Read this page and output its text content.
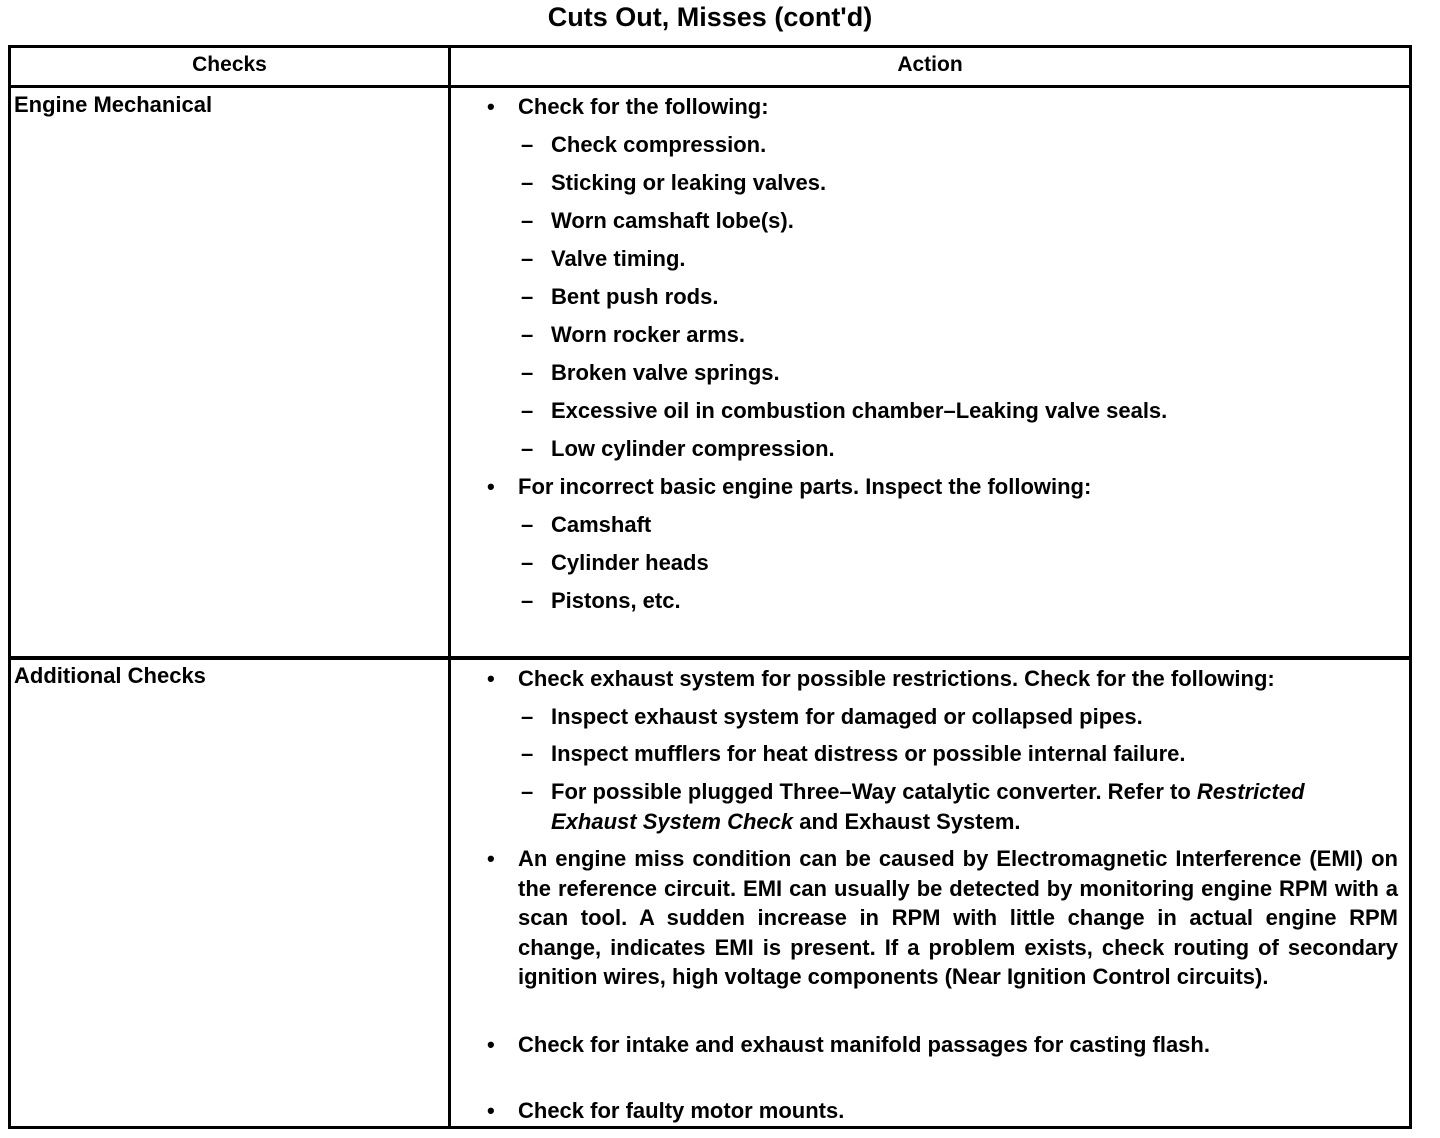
Cuts Out, Misses (cont'd)
Checks	Action
Engine Mechanical	• Check for the following:
– Check compression.
– Sticking or leaking valves.
– Worn camshaft lobe(s).
– Valve timing.
– Bent push rods.
– Worn rocker arms.
– Broken valve springs.
– Excessive oil in combustion chamber–Leaking valve seals.
– Low cylinder compression.
• For incorrect basic engine parts. Inspect the following:
– Camshaft
– Cylinder heads
– Pistons, etc.
Additional Checks	• Check exhaust system for possible restrictions. Check for the following:
– Inspect exhaust system for damaged or collapsed pipes.
– Inspect mufflers for heat distress or possible internal failure.
– For possible plugged Three–Way catalytic converter. Refer to Restricted Exhaust System Check and Exhaust System.
• An engine miss condition can be caused by Electromagnetic Interference (EMI) on the reference circuit. EMI can usually be detected by monitoring engine RPM with a scan tool. A sudden increase in RPM with little change in actual engine RPM change, indicates EMI is present. If a problem exists, check routing of secondary ignition wires, high voltage components (Near Ignition Control circuits).
• Check for intake and exhaust manifold passages for casting flash.
• Check for faulty motor mounts.
